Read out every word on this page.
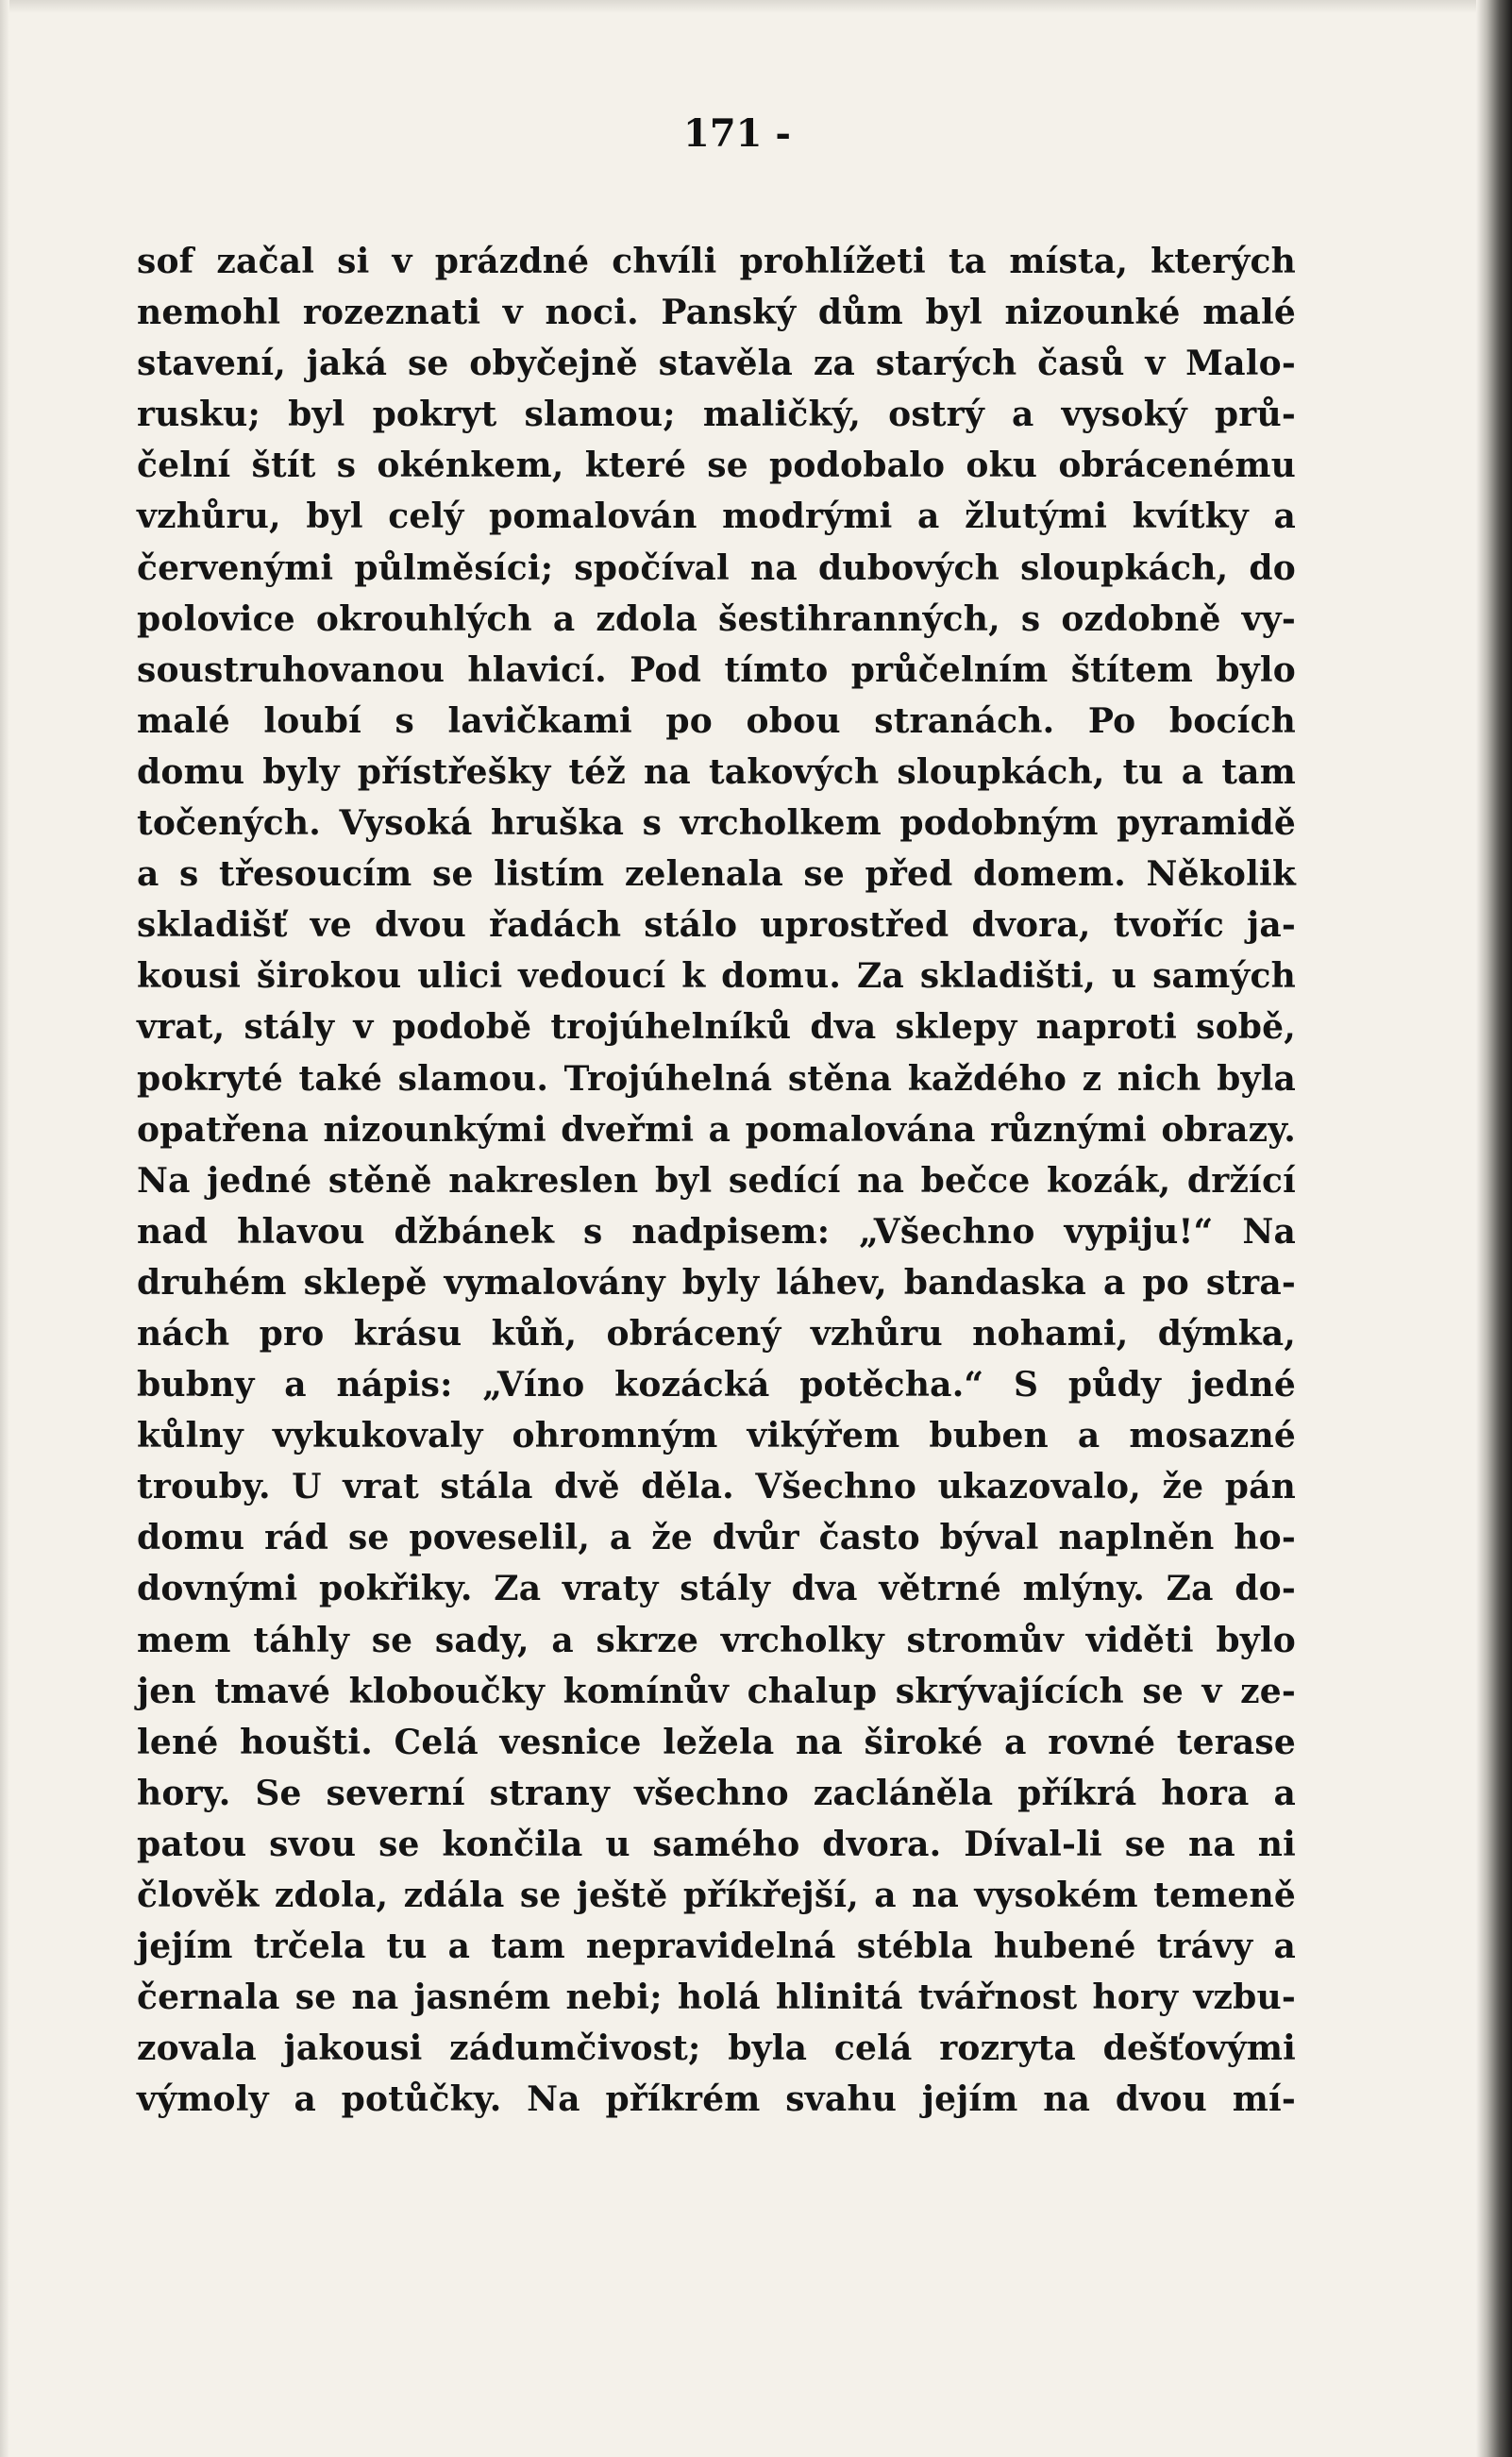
171 -
sof začal si v prázdné chvíli prohlížeti ta místa, kterých
nemohl rozeznati v noci. Panský dům byl nizounké malé
stavení, jaká se obyčejně stavěla za starých časů v Malo-
rusku; byl pokryt slamou; maličký, ostrý a vysoký prů-
čelní štít s okénkem, které se podobalo oku obrácenému
vzhůru, byl celý pomalován modrými a žlutými kvítky a
červenými půlměsíci; spočíval na dubových sloupkách, do
polovice okrouhlých a zdola šestihranných, s ozdobně vy-
soustruhovanou hlavicí. Pod tímto průčelním štítem bylo
malé loubí s lavičkami po obou stranách. Po bocích
domu byly přístřešky též na takových sloupkách, tu a tam
točených. Vysoká hruška s vrcholkem podobným pyramidě
a s třesoucím se listím zelenala se před domem. Několik
skladišť ve dvou řadách stálo uprostřed dvora, tvoříc ja-
kousi širokou ulici vedoucí k domu. Za skladišti, u samých
vrat, stály v podobě trojúhelníků dva sklepy naproti sobě,
pokryté také slamou. Trojúhelná stěna každého z nich byla
opatřena nizounkými dveřmi a pomalována různými obrazy.
Na jedné stěně nakreslen byl sedící na bečce kozák, držící
nad hlavou džbánek s nadpisem: „Všechno vypiju!“ Na
druhém sklepě vymalovány byly láhev, bandaska a po stra-
nách pro krásu kůň, obrácený vzhůru nohami, dýmka,
bubny a nápis: „Víno kozácká potěcha.“ S půdy jedné
kůlny vykukovaly ohromným vikýřem buben a mosazné
trouby. U vrat stála dvě děla. Všechno ukazovalo, že pán
domu rád se poveselil, a že dvůr často býval naplněn ho-
dovnými pokřiky. Za vraty stály dva větrné mlýny. Za do-
mem táhly se sady, a skrze vrcholky stromův viděti bylo
jen tmavé kloboučky komínův chalup skrývajících se v ze-
lené houšti. Celá vesnice ležela na široké a rovné terase
hory. Se severní strany všechno zacláněla příkrá hora a
patou svou se končila u samého dvora. Díval-li se na ni
člověk zdola, zdála se ještě příkřejší, a na vysokém temeně
jejím trčela tu a tam nepravidelná stébla hubené trávy a
černala se na jasném nebi; holá hlinitá tvářnost hory vzbu-
zovala jakousi zádumčivost; byla celá rozryta dešťovými
výmoly a potůčky. Na příkrém svahu jejím na dvou mí-
